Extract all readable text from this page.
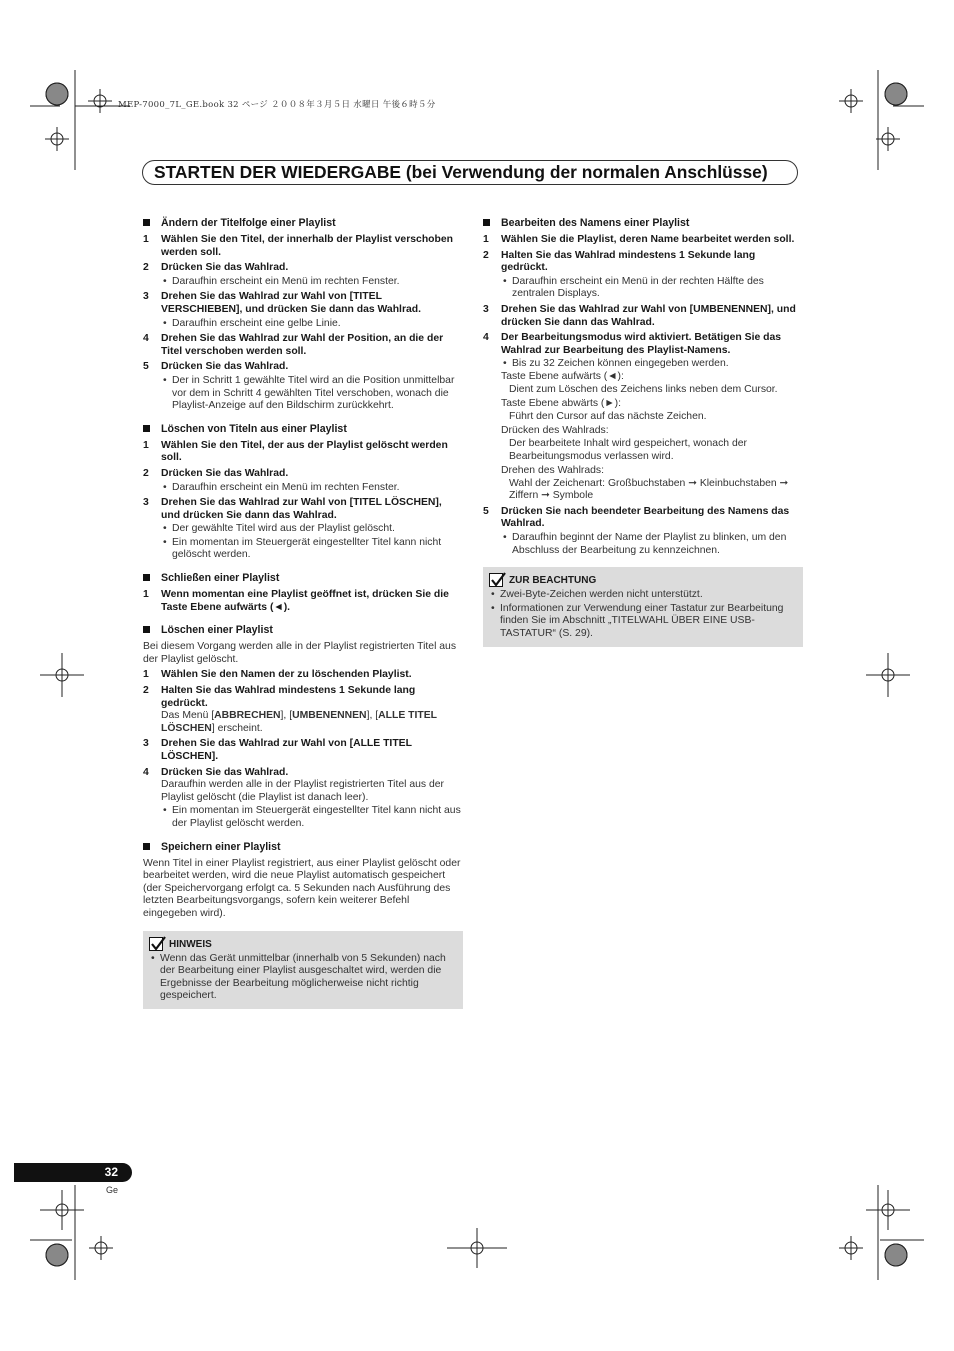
MEP-7000_7L_GE.book 32 ページ ２００８年３月５日 水曜日 午後６時５分
STARTEN DER WIEDERGABE (bei Verwendung der normalen Anschlüsse)
Ändern der Titelfolge einer Playlist
1 Wählen Sie den Titel, der innerhalb der Playlist verschoben werden soll.
2 Drücken Sie das Wahlrad.
• Daraufhin erscheint ein Menü im rechten Fenster.
3 Drehen Sie das Wahlrad zur Wahl von [TITEL VERSCHIEBEN], und drücken Sie dann das Wahlrad.
• Daraufhin erscheint eine gelbe Linie.
4 Drehen Sie das Wahlrad zur Wahl der Position, an die der Titel verschoben werden soll.
5 Drücken Sie das Wahlrad.
• Der in Schritt 1 gewählte Titel wird an die Position unmittelbar vor dem in Schritt 4 gewählten Titel verschoben, wonach die Playlist-Anzeige auf den Bildschirm zurückkehrt.
Löschen von Titeln aus einer Playlist
1 Wählen Sie den Titel, der aus der Playlist gelöscht werden soll.
2 Drücken Sie das Wahlrad.
• Daraufhin erscheint ein Menü im rechten Fenster.
3 Drehen Sie das Wahlrad zur Wahl von [TITEL LÖSCHEN], und drücken Sie dann das Wahlrad.
• Der gewählte Titel wird aus der Playlist gelöscht.
• Ein momentan im Steuergerät eingestellter Titel kann nicht gelöscht werden.
Schließen einer Playlist
1 Wenn momentan eine Playlist geöffnet ist, drücken Sie die Taste Ebene aufwärts (◄).
Löschen einer Playlist
Bei diesem Vorgang werden alle in der Playlist registrierten Titel aus der Playlist gelöscht.
1 Wählen Sie den Namen der zu löschenden Playlist.
2 Halten Sie das Wahlrad mindestens 1 Sekunde lang gedrückt.
Das Menü [ABBRECHEN], [UMBENENNEN], [ALLE TITEL LÖSCHEN] erscheint.
3 Drehen Sie das Wahlrad zur Wahl von [ALLE TITEL LÖSCHEN].
4 Drücken Sie das Wahlrad.
Daraufhin werden alle in der Playlist registrierten Titel aus der Playlist gelöscht (die Playlist ist danach leer).
• Ein momentan im Steuergerät eingestellter Titel kann nicht aus der Playlist gelöscht werden.
Speichern einer Playlist
Wenn Titel in einer Playlist registriert, aus einer Playlist gelöscht oder bearbeitet werden, wird die neue Playlist automatisch gespeichert (der Speichervorgang erfolgt ca. 5 Sekunden nach Ausführung des letzten Bearbeitungsvorgangs, sofern kein weiterer Befehl eingegeben wird).
HINWEIS
• Wenn das Gerät unmittelbar (innerhalb von 5 Sekunden) nach der Bearbeitung einer Playlist ausgeschaltet wird, werden die Ergebnisse der Bearbeitung möglicherweise nicht richtig gespeichert.
Bearbeiten des Namens einer Playlist
1 Wählen Sie die Playlist, deren Name bearbeitet werden soll.
2 Halten Sie das Wahlrad mindestens 1 Sekunde lang gedrückt.
• Daraufhin erscheint ein Menü in der rechten Hälfte des zentralen Displays.
3 Drehen Sie das Wahlrad zur Wahl von [UMBENENNEN], und drücken Sie dann das Wahlrad.
4 Der Bearbeitungsmodus wird aktiviert. Betätigen Sie das Wahlrad zur Bearbeitung des Playlist-Namens.
• Bis zu 32 Zeichen können eingegeben werden.
Taste Ebene aufwärts (◄):
Dient zum Löschen des Zeichens links neben dem Cursor.
Taste Ebene abwärts (►):
Führt den Cursor auf das nächste Zeichen.
Drücken des Wahlrads:
Der bearbeitete Inhalt wird gespeichert, wonach der Bearbeitungsmodus verlassen wird.
Drehen des Wahlrads:
Wahl der Zeichenart: Großbuchstaben ➞ Kleinbuchstaben ➞ Ziffern ➞ Symbole
5 Drücken Sie nach beendeter Bearbeitung des Namens das Wahlrad.
• Daraufhin beginnt der Name der Playlist zu blinken, um den Abschluss der Bearbeitung zu kennzeichnen.
ZUR BEACHTUNG
• Zwei-Byte-Zeichen werden nicht unterstützt.
• Informationen zur Verwendung einer Tastatur zur Bearbeitung finden Sie im Abschnitt „TITELWAHL ÜBER EINE USB-TASTATUR“ (S. 29).
32
Ge
